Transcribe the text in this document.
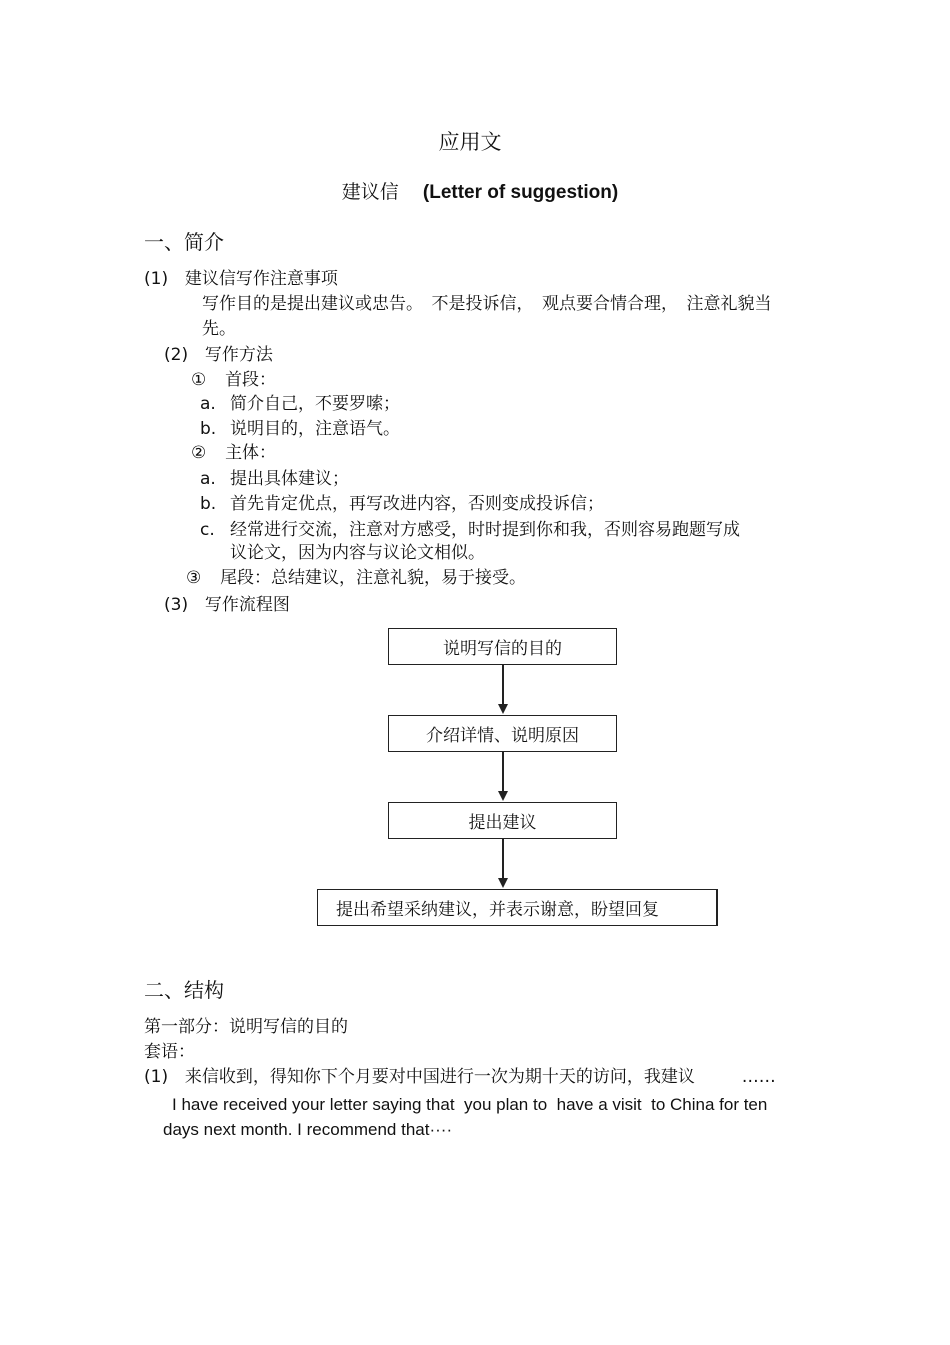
应用文
建议信 (Letter of suggestion)
一、简介
(1) 建议信写作注意事项
写作目的是提出建议或忠告。　不是投诉信，　观点要合情合理，　注意礼貌当
先。
(2) 写作方法
① 首段：
a. 简介自己，不要罗嗦；
b. 说明目的，注意语气。
② 主体：
a. 提出具体建议；
b. 首先肯定优点，再写改进内容，否则变成投诉信；
c. 经常进行交流，注意对方感受，时时提到你和我，否则容易跑题写成
议论文，因为内容与议论文相似。
③ 尾段：总结建议，注意礼貌，易于接受。
(3) 写作流程图
说明写信的目的
介绍详情、说明原因
提出建议
提出希望采纳建议，并表示谢意，盼望回复
二、结构
第一部分：说明写信的目的
套语：
(1) 来信收到，得知你下个月要对中国进行一次为期十天的访问，我建议	……
I have received your letter saying that  you plan to  have a visit  to China for ten
days next month. I recommend that····
